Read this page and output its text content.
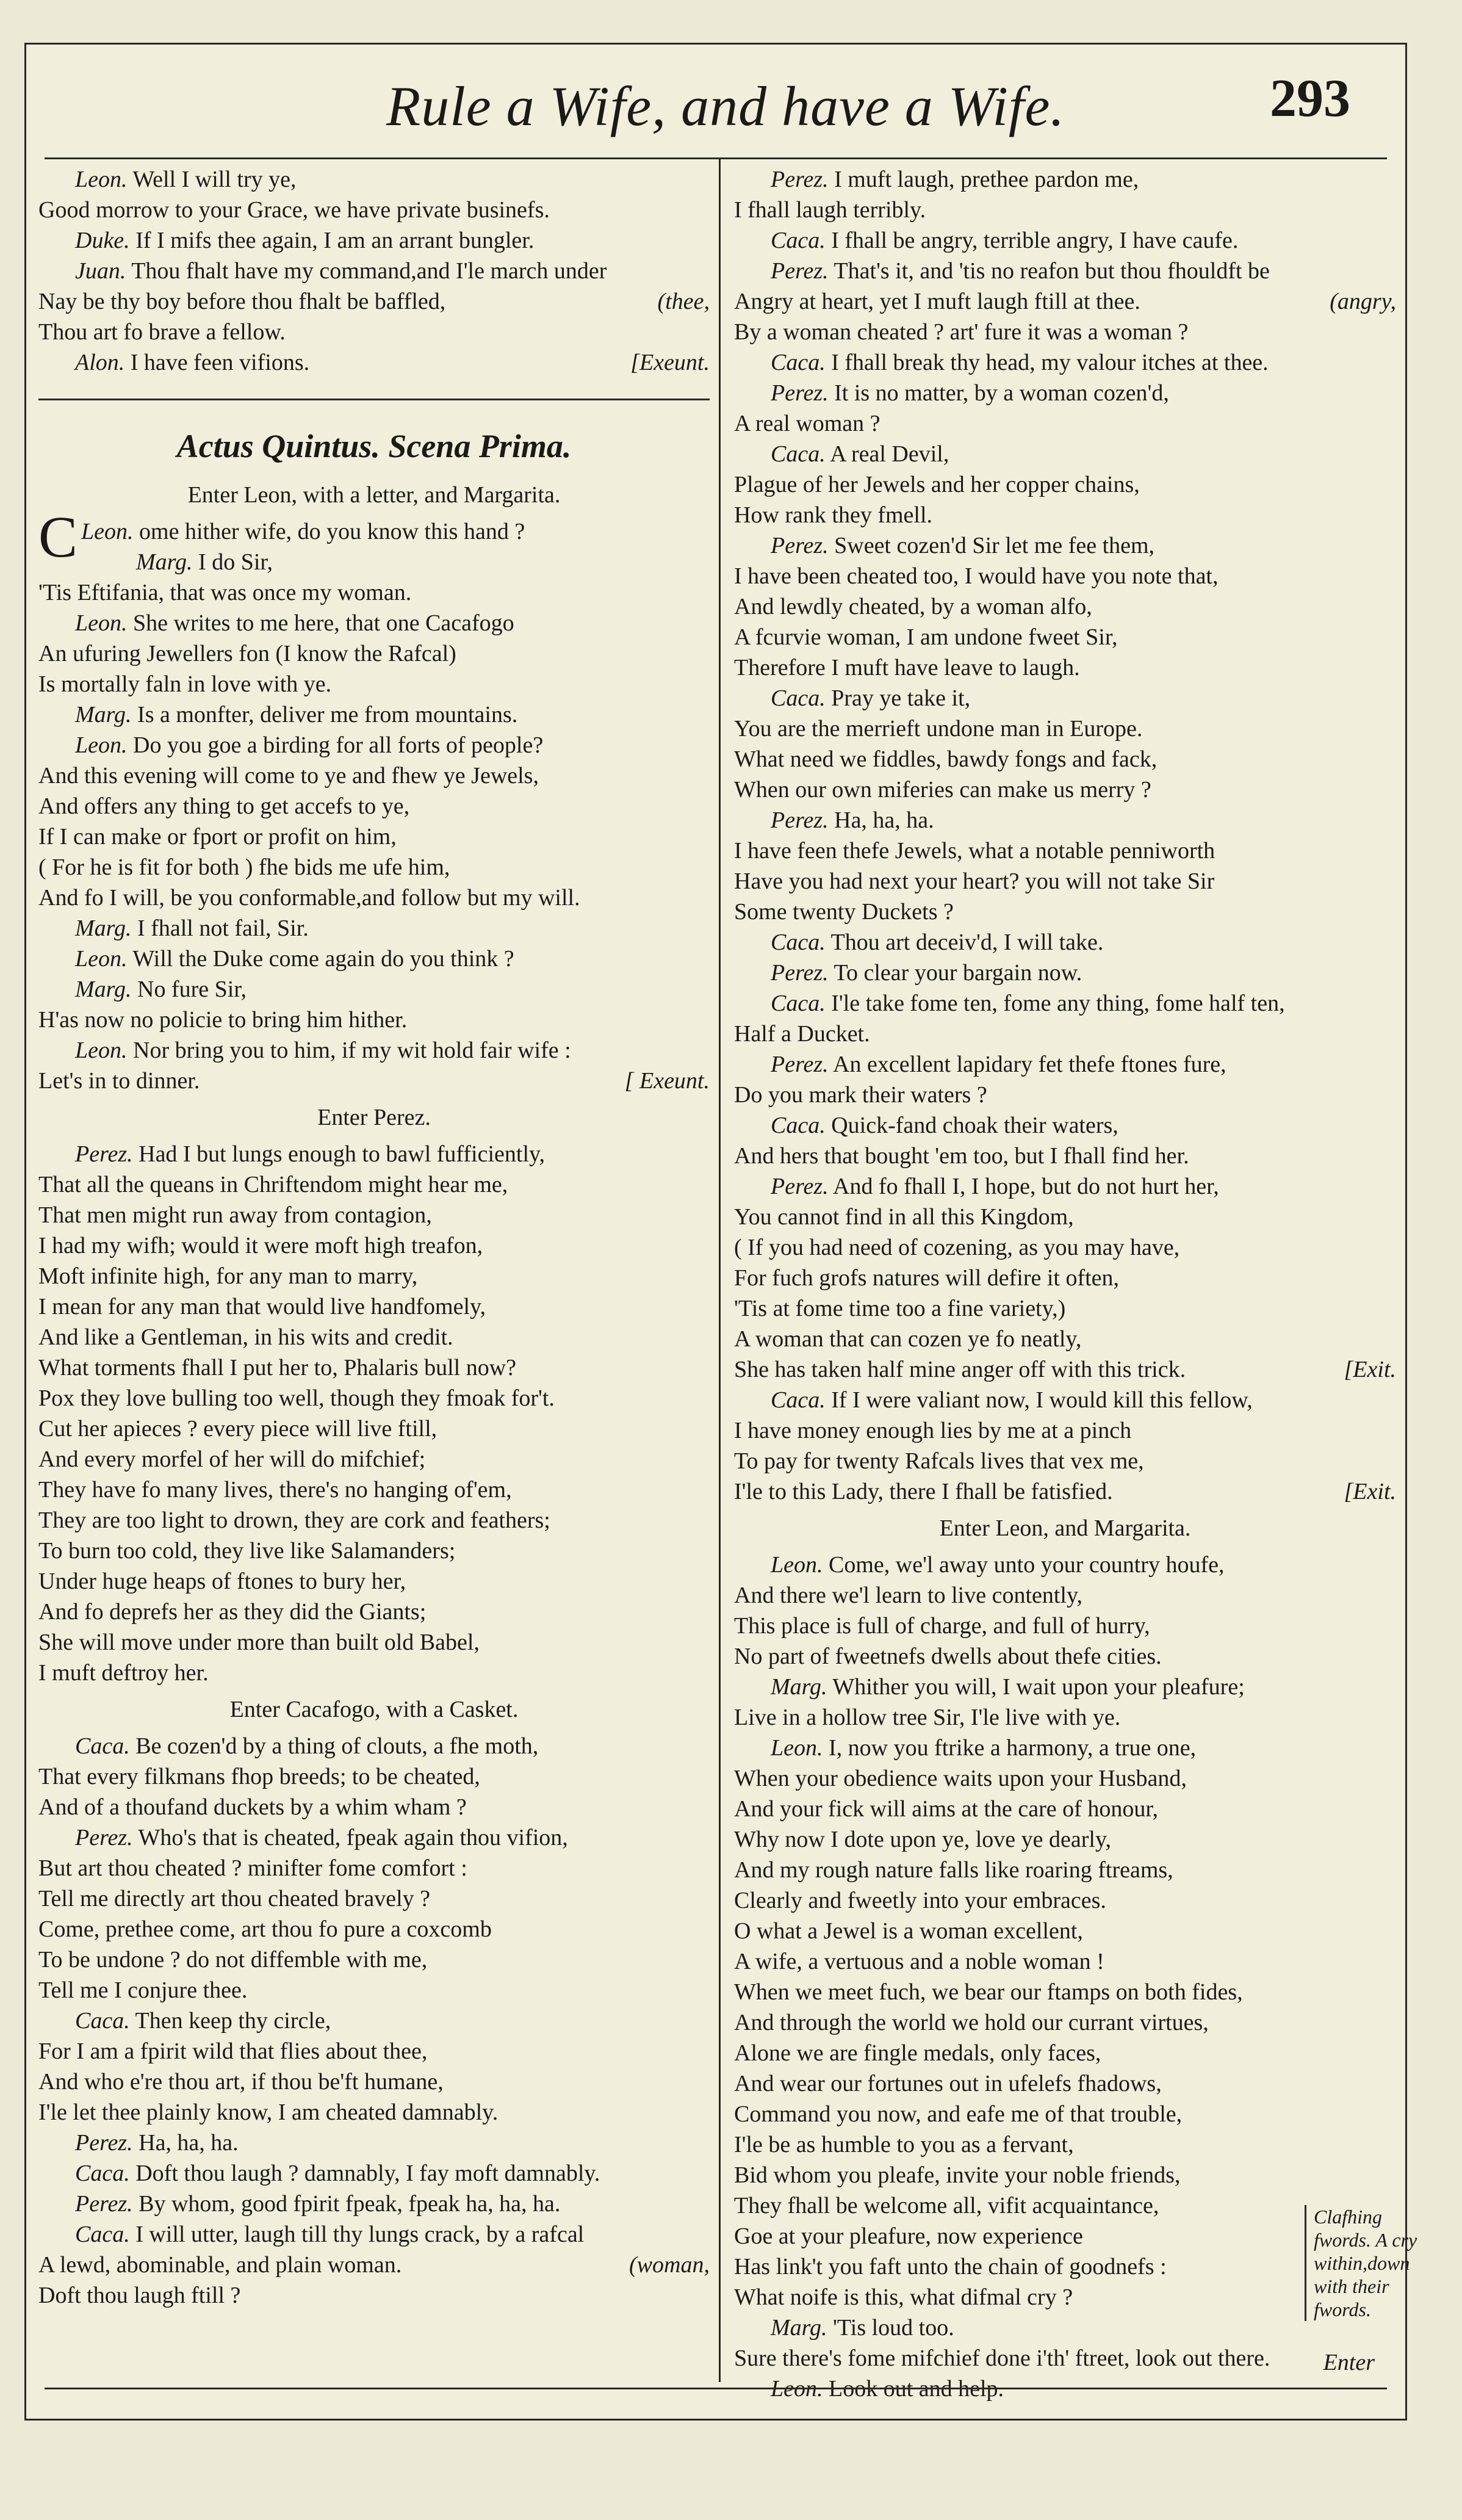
Rule a Wife, and have a Wife.	293
Leon. Well I will try ye,
Good morrow to your Grace, we have private businefs.
Duke. If I mifs thee again, I am an arrant bungler.
Juan. Thou fhalt have my command,and I'le march under
(thee,
Nay be thy boy before thou fhalt be baffled,
Thou art fo brave a fellow.
[Exeunt.
Alon. I have feen vifions.
Actus Quintus. Scena Prima.
Enter Leon, with a letter, and Margarita.
C Leon. ome hither wife, do you know this hand ?
Marg. I do Sir,
'Tis Eftifania, that was once my woman.
Leon. She writes to me here, that one Cacafogo
An ufuring Jewellers fon (I know the Rafcal)
Is mortally faln in love with ye.
Marg. Is a monfter, deliver me from mountains.
Leon. Do you goe a birding for all forts of people?
And this evening will come to ye and fhew ye Jewels,
And offers any thing to get accefs to ye,
If I can make or fport or profit on him,
( For he is fit for both ) fhe bids me ufe him,
And fo I will, be you conformable,and follow but my will.
Marg. I fhall not fail, Sir.
Leon. Will the Duke come again do you think ?
Marg. No fure Sir,
H'as now no policie to bring him hither.
Leon. Nor bring you to him, if my wit hold fair wife :
[ Exeunt.
Let's in to dinner.
Enter Perez.
Perez. Had I but lungs enough to bawl fufficiently,
That all the queans in Chriftendom might hear me,
That men might run away from contagion,
I had my wifh; would it were moft high treafon,
Moft infinite high, for any man to marry,
I mean for any man that would live handfomely,
And like a Gentleman, in his wits and credit.
What torments fhall I put her to, Phalaris bull now?
Pox they love bulling too well, though they fmoak for't.
Cut her apieces ? every piece will live ftill,
And every morfel of her will do mifchief;
They have fo many lives, there's no hanging of'em,
They are too light to drown, they are cork and feathers;
To burn too cold, they live like Salamanders;
Under huge heaps of ftones to bury her,
And fo deprefs her as they did the Giants;
She will move under more than built old Babel,
I muft deftroy her.
Enter Cacafogo, with a Casket.
Caca. Be cozen'd by a thing of clouts, a fhe moth,
That every filkmans fhop breeds; to be cheated,
And of a thoufand duckets by a whim wham ?
Perez. Who's that is cheated, fpeak again thou vifion,
But art thou cheated ? minifter fome comfort :
Tell me directly art thou cheated bravely ?
Come, prethee come, art thou fo pure a coxcomb
To be undone ? do not diffemble with me,
Tell me I conjure thee.
Caca. Then keep thy circle,
For I am a fpirit wild that flies about thee,
And who e're thou art, if thou be'ft humane,
I'le let thee plainly know, I am cheated damnably.
Perez. Ha, ha, ha.
Caca. Doft thou laugh ? damnably, I fay moft damnably.
Perez. By whom, good fpirit fpeak, fpeak ha, ha, ha.
Caca. I will utter, laugh till thy lungs crack, by a rafcal
(woman,
A lewd, abominable, and plain woman.
Doft thou laugh ftill ?
Perez. I muft laugh, prethee pardon me,
I fhall laugh terribly.
Caca. I fhall be angry, terrible angry, I have caufe.
Perez. That's it, and 'tis no reafon but thou fhouldft be
(angry,
Angry at heart, yet I muft laugh ftill at thee.
By a woman cheated ? art' fure it was a woman ?
Caca. I fhall break thy head, my valour itches at thee.
Perez. It is no matter, by a woman cozen'd,
A real woman ?
Caca. A real Devil,
Plague of her Jewels and her copper chains,
How rank they fmell.
Perez. Sweet cozen'd Sir let me fee them,
I have been cheated too, I would have you note that,
And lewdly cheated, by a woman alfo,
A fcurvie woman, I am undone fweet Sir,
Therefore I muft have leave to laugh.
Caca. Pray ye take it,
You are the merrieft undone man in Europe.
What need we fiddles, bawdy fongs and fack,
When our own miferies can make us merry ?
Perez. Ha, ha, ha.
I have feen thefe Jewels, what a notable penniworth
Have you had next your heart? you will not take Sir
Some twenty Duckets ?
Caca. Thou art deceiv'd, I will take.
Perez. To clear your bargain now.
Caca. I'le take fome ten, fome any thing, fome half ten,
Half a Ducket.
Perez. An excellent lapidary fet thefe ftones fure,
Do you mark their waters ?
Caca. Quick-fand choak their waters,
And hers that bought 'em too, but I fhall find her.
Perez. And fo fhall I, I hope, but do not hurt her,
You cannot find in all this Kingdom,
( If you had need of cozening, as you may have,
For fuch grofs natures will defire it often,
'Tis at fome time too a fine variety,)
A woman that can cozen ye fo neatly,
[Exit.
She has taken half mine anger off with this trick.
Caca. If I were valiant now, I would kill this fellow,
I have money enough lies by me at a pinch
To pay for twenty Rafcals lives that vex me,
[Exit.
I'le to this Lady, there I fhall be fatisfied.
Enter Leon, and Margarita.
Leon. Come, we'l away unto your country houfe,
And there we'l learn to live contently,
This place is full of charge, and full of hurry,
No part of fweetnefs dwells about thefe cities.
Marg. Whither you will, I wait upon your pleafure;
Live in a hollow tree Sir, I'le live with ye.
Leon. I, now you ftrike a harmony, a true one,
When your obedience waits upon your Husband,
And your fick will aims at the care of honour,
Why now I dote upon ye, love ye dearly,
And my rough nature falls like roaring ftreams,
Clearly and fweetly into your embraces.
O what a Jewel is a woman excellent,
A wife, a vertuous and a noble woman !
When we meet fuch, we bear our ftamps on both fides,
And through the world we hold our currant virtues,
Alone we are fingle medals, only faces,
And wear our fortunes out in ufelefs fhadows,
Command you now, and eafe me of that trouble,
I'le be as humble to you as a fervant,
Bid whom you pleafe, invite your noble friends,
They fhall be welcome all, vifit acquaintance,
Goe at your pleafure, now experience
Has link't you faft unto the chain of goodnefs :
What noife is this, what difmal cry ?
Marg. 'Tis loud too.
Sure there's fome mifchief done i'th' ftreet, look out there.
Leon. Look out and help.
Clafhing fwords. A cry within,down with their fwords.
Enter
